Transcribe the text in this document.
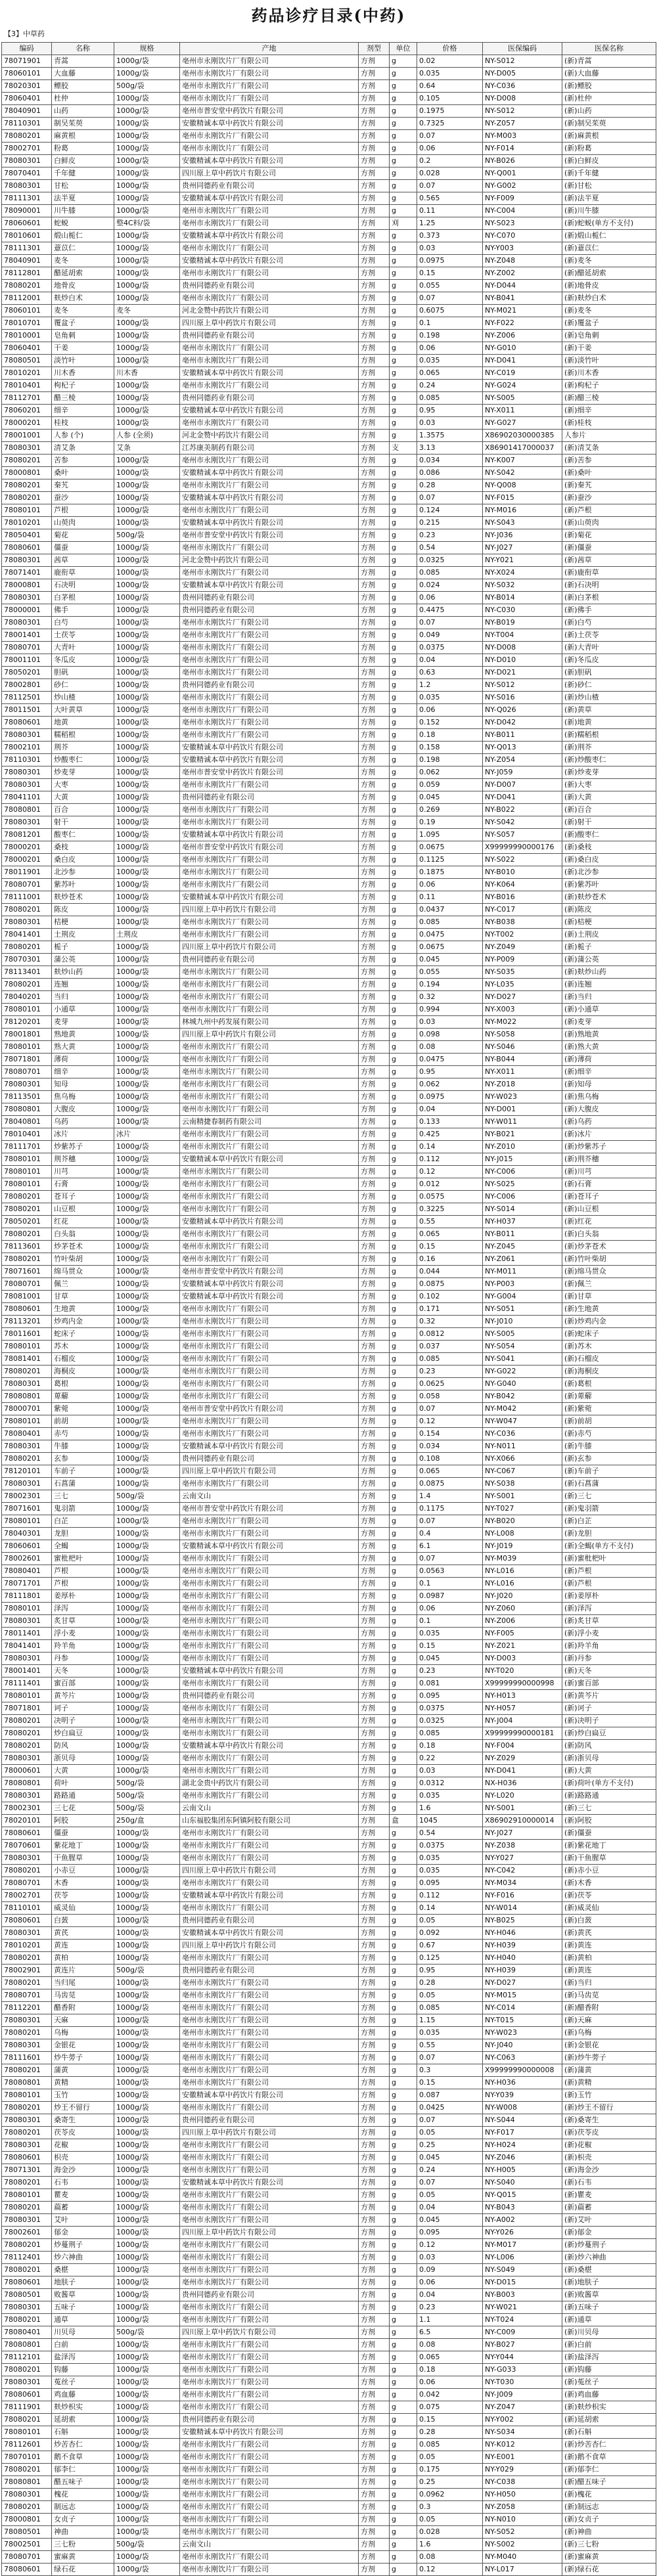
药品诊疗目录(中药)
【3】中草药
编码	名称	规格	产地	剂型	单位	价格	医保编码	医保名称
78071901	青蒿	1000g/袋	亳州市永刚饮片厂有限公司	方剂	g	0.02	NY-S012	(新)青蒿
78060101	大血藤	1000g/袋	亳州市永刚饮片厂有限公司	方剂	g	0.035	NY-D005	(新)大血藤
78020301	鳔胶	500g/袋	亳州市永刚饮片厂有限公司	方剂	g	0.64	NY-C036	(新)鳔胶
78060401	杜仲	1000g/袋	亳州市永刚饮片厂有限公司	方剂	g	0.105	NY-D008	(新)杜仲
78040901	山药	1000g/袋	亳州市普安堂中药饮片有限公司	方剂	g	0.1975	NY-S012	(新)山药
78110301	制吴茱萸	1000g/袋	安徽精诚本草中药饮片有限公司	方剂	g	0.7325	NY-Z057	(新)制吴茱萸
78080201	麻黄根	1000g/袋	亳州市永刚饮片厂有限公司	方剂	g	0.07	NY-M003	(新)麻黄根
78002701	粉葛	1000g/袋	亳州市永刚饮片厂有限公司	方剂	g	0.06	NY-F014	(新)粉葛
78080301	白鲜皮	1000g/袋	安徽精诚本草中药饮片有限公司	方剂	g	0.2	NY-B026	(新)白鲜皮
78070401	千年健	1000g/袋	四川原上草中药饮片有限公司	方剂	g	0.028	NY-Q001	(新)千年健
78080301	甘松	1000g/袋	贵州同德药业有限公司	方剂	g	0.07	NY-G002	(新)甘松
78111301	法半夏	1000g/袋	安徽精诚本草中药饮片有限公司	方剂	g	0.565	NY-F009	(新)法半夏
78090001	川牛膝	1000g/袋	亳州市永刚饮片厂有限公司	方剂	g	0.11	NY-C004	(新)川牛膝
78060601	蛇蜕	整4C料/袋	亳州市永刚饮片厂有限公司	方剂	刈	1.25	NY-S023	(新)蛇蜕(单方不支付)
78010601	煅山栀仁	1000g/袋	安徽精诚本草中药饮片有限公司	方剂	g	0.373	NY-C070	(新)煅山栀仁
78111301	薏苡仁	1000g/袋	亳州市永刚饮片厂有限公司	方剂	g	0.03	NY-Y003	(新)薏苡仁
78040901	麦冬	1000g/袋	安徽精诚本草中药饮片有限公司	方剂	g	0.0975	NY-Z048	(新)麦冬
78112801	醋延胡索	1000g/袋	亳州市永刚饮片厂有限公司	方剂	g	0.15	NY-Z002	(新)醋延胡索
78080201	地骨皮	1000g/袋	贵州同德药业有限公司	方剂	g	0.055	NY-D044	(新)地骨皮
78112001	麸炒白术	1000g/袋	亳州市永刚饮片厂有限公司	方剂	g	0.07	NY-B041	(新)麸炒白术
78060101	麦冬	麦冬	河北金赞中药饮片有限公司	方剂	g	0.6075	NY-M021	(新)麦冬
78010701	覆盆子	1000g/袋	四川原上草中药饮片有限公司	方剂	g	0.1	NY-F022	(新)覆盆子
78010001	皂角刺	1000g/袋	贵州同德药业有限公司	方剂	g	0.198	NY-Z006	(新)皂角刺
78060401	干姜	1000g/袋	亳州市永刚饮片厂有限公司	方剂	g	0.06	NY-G010	(新)干姜
78080501	淡竹叶	1000g/袋	亳州市永刚饮片厂有限公司	方剂	g	0.035	NY-D041	(新)淡竹叶
78010201	川木香	川木香	安徽精诚本草中药饮片有限公司	方剂	g	0.065	NY-C019	(新)川木香
78010401	枸杞子	1000g/袋	亳州市永刚饮片厂有限公司	方剂	g	0.24	NY-G024	(新)枸杞子
78112701	醋三棱	1000g/袋	贵州同德药业有限公司	方剂	g	0.085	NY-S005	(新)醋三棱
78060201	细辛	1000g/袋	安徽精诚本草中药饮片有限公司	方剂	g	0.95	NY-X011	(新)细辛
78000201	桂枝	1000g/袋	亳州市永刚饮片厂有限公司	方剂	g	0.03	NY-G027	(新)桂枝
78001001	人参 (个)	人参 (全须)	河北金赞中药饮片有限公司	方剂	g	1.3575	X86902030000385	人参片
78080301	清艾条	艾条	江苏康美制药有限公司	方剂	支	3.13	X86901417000037	(新)清艾条
78080201	苦参	1000g/袋	亳州市永刚饮片厂有限公司	方剂	g	0.034	NY-K007	(新)苦参
78000801	桑叶	1000g/袋	安徽精诚本草中药饮片有限公司	方剂	g	0.086	NY-S042	(新)桑叶
78080201	秦艽	1000g/袋	亳州市永刚饮片厂有限公司	方剂	g	0.28	NY-Q008	(新)秦艽
78080201	蚕沙	1000g/袋	安徽精诚本草中药饮片有限公司	方剂	g	0.07	NY-F015	(新)蚕沙
78080101	芦根	1000g/袋	亳州市永刚饮片厂有限公司	方剂	g	0.124	NY-M016	(新)芦根
78010201	山萸肉	1000g/袋	安徽精诚本草中药饮片有限公司	方剂	g	0.215	NY-S043	(新)山萸肉
78050401	菊花	500g/袋	亳州市普安堂中药饮片有限公司	方剂	g	0.23	NY-J036	(新)菊花
78080601	僵蚕	1000g/袋	亳州市永刚饮片厂有限公司	方剂	g	0.54	NY-J027	(新)僵蚕
78080301	茜草	1000g/袋	河北金赞中药饮片有限公司	方剂	g	0.0325	NY-Y021	(新)茜草
78071401	鹿衔草	1000g/袋	亳州市永刚饮片厂有限公司	方剂	g	0.085	NY-X024	(新)鹿衔草
78000801	石决明	1000g/袋	安徽精诚本草中药饮片有限公司	方剂	g	0.024	NY-S032	(新)石决明
78080301	白茅根	1000g/袋	贵州同德药业有限公司	方剂	g	0.06	NY-B014	(新)白茅根
78000001	佛手	1000g/袋	贵州同德药业有限公司	方剂	g	0.4475	NY-C030	(新)佛手
78080301	白芍	1000g/袋	亳州市永刚饮片厂有限公司	方剂	g	0.07	NY-B019	(新)白芍
78001401	土茯苓	1000g/袋	亳州市永刚饮片厂有限公司	方剂	g	0.049	NY-T004	(新)土茯苓
78080701	大青叶	1000g/袋	亳州市永刚饮片厂有限公司	方剂	g	0.0375	NY-D008	(新)大青叶
78001101	冬瓜皮	1000g/袋	亳州市永刚饮片厂有限公司	方剂	g	0.04	NY-D010	(新)冬瓜皮
78050201	胆矾	1000g/袋	亳州市永刚饮片厂有限公司	方剂	g	0.63	NY-D021	(新)胆矾
78002801	砂仁	1000g/袋	贵州同德药业有限公司	方剂	g	1.2	NY-S012	(新)砂仁
78112501	炒山楂	1000g/袋	亳州市永刚饮片厂有限公司	方剂	g	0.035	NY-S016	(新)炒山楂
78011501	大叶黄草	1000g/袋	亳州市永刚饮片厂有限公司	方剂	g	0.06	NY-Q026	(新)黄草
78080601	地黄	1000g/袋	亳州市永刚饮片厂有限公司	方剂	g	0.152	NY-D042	(新)地黄
78080301	糯稻根	1000g/袋	亳州市永刚饮片厂有限公司	方剂	g	0.18	NY-B011	(新)糯稻根
78002101	荆芥	1000g/袋	安徽精诚本草中药饮片有限公司	方剂	g	0.158	NY-Q013	(新)荆芥
78110301	炒酸枣仁	1000g/袋	安徽精诚本草中药饮片有限公司	方剂	g	0.198	NY-Z054	(新)炒酸枣仁
78080301	炒麦芽	1000g/袋	亳州市普安堂中药饮片有限公司	方剂	g	0.062	NY-J059	(新)炒麦芽
78080301	大枣	1000g/袋	亳州市永刚饮片厂有限公司	方剂	g	0.059	NY-D007	(新)大枣
78041101	大黄	1000g/袋	贵州同德药业有限公司	方剂	g	0.045	NY-D041	(新)大黄
78080801	百合	1000g/袋	亳州市永刚饮片厂有限公司	方剂	g	0.269	NY-B022	(新)百合
78080301	射干	1000g/袋	亳州市永刚饮片厂有限公司	方剂	g	0.19	NY-S042	(新)射干
78081201	酸枣仁	1000g/袋	安徽精诚本草中药饮片有限公司	方剂	g	1.095	NY-S057	(新)酸枣仁
78000201	桑枝	1000g/袋	亳州市普安堂中药饮片有限公司	方剂	g	0.0675	X99999990000176	(新)桑枝
78000201	桑白皮	1000g/袋	亳州市永刚饮片厂有限公司	方剂	g	0.1125	NY-S022	(新)桑白皮
78011901	北沙参	1000g/袋	亳州市永刚饮片厂有限公司	方剂	g	0.1875	NY-B010	(新)北沙参
78080701	紫苏叶	1000g/袋	亳州市永刚饮片厂有限公司	方剂	g	0.06	NY-K064	(新)紫苏叶
78111001	麸炒苍术	1000g/袋	安徽精诚本草中药饮片有限公司	方剂	g	0.11	NY-B016	(新)麸炒苍术
78080201	陈皮	1000g/袋	四川原上草中药饮片有限公司	方剂	g	0.0437	NY-C017	(新)陈皮
78080301	桔梗	1000g/袋	亳州市永刚饮片厂有限公司	方剂	g	0.085	NY-B038	(新)桔梗
78041401	土荆皮	土荆皮	亳州市永刚饮片厂有限公司	方剂	g	0.0475	NY-T002	(新)土荆皮
78080201	栀子	1000g/袋	四川原上草中药饮片有限公司	方剂	g	0.0675	NY-Z049	(新)栀子
78070301	蒲公英	1000g/袋	贵州同德药业有限公司	方剂	g	0.045	NY-P009	(新)蒲公英
78113401	麸炒山药	1000g/袋	亳州市永刚饮片厂有限公司	方剂	g	0.055	NY-S035	(新)麸炒山药
78080201	连翘	1000g/袋	亳州市永刚饮片厂有限公司	方剂	g	0.194	NY-L035	(新)连翘
78040201	当归	1000g/袋	亳州市永刚饮片厂有限公司	方剂	g	0.32	NY-D027	(新)当归
78080101	小通草	1000g/袋	亳州市永刚饮片厂有限公司	方剂	g	0.994	NY-X003	(新)小通草
78120201	麦芽	1000g/袋	林城九州中药发展有限公司	方剂	g	0.03	NY-M022	(新)麦芽
78001801	熟地黄	1000g/袋	四川原上草中药饮片有限公司	方剂	g	0.098	NY-S058	(新)熟地黄
78080101	熟大黄	1000g/袋	亳州市永刚饮片厂有限公司	方剂	g	0.08	NY-S046	(新)熟大黄
78071801	薄荷	1000g/袋	亳州市永刚饮片厂有限公司	方剂	g	0.0475	NY-B044	(新)薄荷
78080701	细辛	1000g/袋	亳州市永刚饮片厂有限公司	方剂	g	0.95	NY-X011	(新)细辛
78080301	知母	1000g/袋	亳州市永刚饮片厂有限公司	方剂	g	0.062	NY-Z018	(新)知母
78113501	焦乌梅	1000g/袋	亳州市永刚饮片厂有限公司	方剂	g	0.0975	NY-W023	(新)焦乌梅
78080801	大腹皮	1000g/袋	亳州市永刚饮片厂有限公司	方剂	g	0.04	NY-D001	(新)大腹皮
78040801	乌药	1000g/袋	云南精捷春制药有限公司	方剂	g	0.133	NY-W011	(新)乌药
78010401	冰片	冰片	亳州市永刚饮片厂有限公司	方剂	g	0.425	NY-B021	(新)冰片
78111701	炒紫苏子	1000g/袋	亳州市永刚饮片厂有限公司	方剂	g	0.14	NY-Z010	(新)炒紫苏子
78080101	荆芥穗	1000g/袋	安徽精诚本草中药饮片有限公司	方剂	g	0.112	NY-J015	(新)荆芥穗
78080101	川芎	1000g/袋	亳州市永刚饮片厂有限公司	方剂	g	0.12	NY-C006	(新)川芎
78080101	石膏	1000g/袋	亳州市永刚饮片厂有限公司	方剂	g	0.012	NY-S025	(新)石膏
78080201	苍耳子	1000g/袋	亳州市永刚饮片厂有限公司	方剂	g	0.0575	NY-C006	(新)苍耳子
78080201	山豆根	1000g/袋	亳州市永刚饮片厂有限公司	方剂	g	0.3225	NY-S014	(新)山豆根
78050201	红花	1000g/袋	安徽精诚本草中药饮片有限公司	方剂	g	0.55	NY-H037	(新)红花
78080201	白头翁	1000g/袋	亳州市永刚饮片厂有限公司	方剂	g	0.065	NY-B011	(新)白头翁
78113601	炒茅苍术	1000g/袋	亳州市永刚饮片厂有限公司	方剂	g	0.15	NY-Z045	(新)炒茅苍术
78080201	竹叶柴胡	1000g/袋	亳州市永刚饮片厂有限公司	方剂	g	0.16	NY-Z061	(新)竹叶柴胡
78071601	绵马贯众	1000g/袋	亳州市普安堂中药饮片有限公司	方剂	g	0.044	NY-M011	(新)绵马贯众
78080701	佩兰	1000g/袋	安徽精诚本草中药饮片有限公司	方剂	g	0.0875	NY-P003	(新)佩兰
78081001	甘草	1000g/袋	安徽精诚本草中药饮片有限公司	方剂	g	0.102	NY-G004	(新)甘草
78080601	生地黄	1000g/袋	亳州市永刚饮片厂有限公司	方剂	g	0.171	NY-S051	(新)生地黄
78113201	炒鸡内金	1000g/袋	亳州市永刚饮片厂有限公司	方剂	g	0.32	NY-J010	(新)炒鸡内金
78011601	蛇床子	1000g/袋	亳州市永刚饮片厂有限公司	方剂	g	0.0812	NY-S005	(新)蛇床子
78080101	苏木	1000g/袋	亳州市永刚饮片厂有限公司	方剂	g	0.037	NY-S054	(新)苏木
78081401	石榴皮	1000g/袋	亳州市永刚饮片厂有限公司	方剂	g	0.085	NY-S041	(新)石榴皮
78080201	海桐皮	1000g/袋	亳州市永刚饮片厂有限公司	方剂	g	0.23	NY-G022	(新)海桐皮
78080301	葛根	1000g/袋	亳州市永刚饮片厂有限公司	方剂	g	0.0625	NY-G040	(新)葛根
78080801	萆薢	1000g/袋	亳州市永刚饮片厂有限公司	方剂	g	0.058	NY-B042	(新)萆薢
78000701	紫菀	1000g/袋	亳州市普安堂中药饮片有限公司	方剂	g	0.07	NY-M042	(新)紫菀
78080101	前胡	1000g/袋	亳州市永刚饮片厂有限公司	方剂	g	0.12	NY-W047	(新)前胡
78080401	赤芍	1000g/袋	亳州市永刚饮片厂有限公司	方剂	g	0.154	NY-C036	(新)赤芍
78080301	牛膝	1000g/袋	安徽精诚本草中药饮片有限公司	方剂	g	0.034	NY-N011	(新)牛膝
78080201	玄参	1000g/袋	贵州同德药业有限公司	方剂	g	0.108	NY-X066	(新)玄参
78120101	车前子	1000g/袋	四川原上草中药饮片有限公司	方剂	g	0.065	NY-C067	(新)车前子
78080301	石菖蒲	1000g/袋	亳州市永刚饮片厂有限公司	方剂	g	0.0875	NY-S038	(新)石菖蒲
78002301	三七	500g/袋	云南文山	方剂	g	1.4	NY-S001	(新)三七
78071601	鬼羽箭	1000g/袋	亳州市普安堂中药饮片有限公司	方剂	g	0.1175	NY-T027	(新)鬼羽箭
78080101	白芷	1000g/袋	亳州市永刚饮片厂有限公司	方剂	g	0.07	NY-B020	(新)白芷
78040301	龙胆	1000g/袋	亳州市永刚饮片厂有限公司	方剂	g	0.4	NY-L008	(新)龙胆
78060601	全蝎	1000g/袋	安徽精诚本草中药饮片有限公司	方剂	g	6.1	NY-J019	(新)全蝎(单方不支付)
78002601	蜜枇杷叶	1000g/袋	亳州市永刚饮片厂有限公司	方剂	g	0.07	NY-M039	(新)蜜枇杷叶
78080401	芦根	1000g/袋	亳州市永刚饮片厂有限公司	方剂	g	0.0563	NY-L016	(新)芦根
78071701	芦根	1000g/袋	亳州市永刚饮片厂有限公司	方剂	g	0.1	NY-L016	(新)芦根
78111801	姜厚朴	1000g/袋	亳州市永刚饮片厂有限公司	方剂	g	0.0987	NY-J020	(新)姜厚朴
78080101	泽泻	1000g/袋	亳州市永刚饮片厂有限公司	方剂	g	0.06	NY-Z060	(新)泽泻
78080301	炙甘草	1000g/袋	亳州市永刚饮片厂有限公司	方剂	g	0.1	NY-Z006	(新)炙甘草
78011401	浮小麦	1000g/袋	亳州市永刚饮片厂有限公司	方剂	g	0.035	NY-F005	(新)浮小麦
78041401	羚羊角	1000g/袋	亳州市永刚饮片厂有限公司	方剂	g	0.15	NY-Z021	(新)羚羊角
78080301	丹参	1000g/袋	亳州市永刚饮片厂有限公司	方剂	g	0.045	NY-D003	(新)丹参
78001401	天冬	1000g/袋	安徽精诚本草中药饮片有限公司	方剂	g	0.23	NY-T020	(新)天冬
78111401	蜜百部	1000g/袋	亳州市永刚饮片厂有限公司	方剂	g	0.081	X99999990000998	(新)蜜百部
78080101	黄芩片	1000g/袋	贵州同德药业有限公司	方剂	g	0.095	NY-H013	(新)黄芩片
78071801	诃子	1000g/袋	亳州市永刚饮片厂有限公司	方剂	g	0.0375	NY-H057	(新)诃子
78080201	决明子	1000g/袋	亳州市永刚饮片厂有限公司	方剂	g	0.0325	NY-J004	(新)决明子
78080201	炒白扁豆	1000g/袋	亳州市永刚饮片厂有限公司	方剂	g	0.085	X99999990000181	(新)炒白扁豆
78080201	防风	1000g/袋	安徽精诚本草中药饮片有限公司	方剂	g	0.18	NY-F004	(新)防风
78080301	浙贝母	1000g/袋	亳州市永刚饮片厂有限公司	方剂	g	0.22	NY-Z029	(新)浙贝母
78000601	大黄	1000g/袋	亳州市永刚饮片厂有限公司	方剂	g	0.03	NY-D041	(新)大黄
78080801	荷叶	500g/袋	湖北金贵中药饮片有限公司	方剂	g	0.0312	NX-H036	(新)荷叶(单方不支付)
78080301	路路通	500g/袋	亳州市永刚饮片厂有限公司	方剂	g	0.035	NY-L020	(新)路路通
78002301	三七花	500g/袋	云南文山	方剂	g	1.6	NY-S001	(新)三七
78020101	阿胶	250g/盒	山东福胶集团东阿镇阿胶有限公司	方剂	盒	1045	X86902910000014	(新)阿胶
78080601	僵蚕	1000g/袋	亳州市永刚饮片厂有限公司	方剂	g	0.54	NY-J027	(新)僵蚕
78070601	紫花地丁	1000g/袋	亳州市永刚饮片厂有限公司	方剂	g	0.0375	NY-Z038	(新)紫花地丁
78080301	干鱼腥草	1000g/袋	亳州市永刚饮片厂有限公司	方剂	g	0.035	NY-Y027	(新)干鱼腥草
78080201	小赤豆	1000g/袋	四川原上草中药饮片有限公司	方剂	g	0.035	NY-C042	(新)赤小豆
78080701	木香	1000g/袋	亳州市永刚饮片厂有限公司	方剂	g	0.095	NY-M034	(新)木香
78002701	茯苓	1000g/袋	安徽精诚本草中药饮片有限公司	方剂	g	0.112	NY-F016	(新)茯苓
78110101	威灵仙	1000g/袋	亳州市永刚饮片厂有限公司	方剂	g	0.14	NY-W014	(新)威灵仙
78080601	白蔹	1000g/袋	贵州同德药业有限公司	方剂	g	0.05	NY-B025	(新)白蔹
78080301	黄芪	1000g/袋	安徽精诚本草中药饮片有限公司	方剂	g	0.092	NY-H046	(新)黄芪
78010201	黄连	1000g/袋	四川原上草中药饮片有限公司	方剂	g	0.67	NY-H039	(新)黄连
78080201	黄柏	1000g/袋	亳州市永刚饮片厂有限公司	方剂	g	0.125	NY-H040	(新)黄柏
78002901	黄连片	500g/袋	贵州同德药业有限公司	方剂	g	0.95	NY-H039	(新)黄连
78080201	当归尾	1000g/袋	亳州市永刚饮片厂有限公司	方剂	g	0.28	NY-D027	(新)当归
78080701	马齿苋	1000g/袋	亳州市永刚饮片厂有限公司	方剂	g	0.05	NY-M015	(新)马齿苋
78112201	醋香附	1000g/袋	亳州市永刚饮片厂有限公司	方剂	g	0.085	NY-C014	(新)醋香附
78080301	天麻	1000g/袋	亳州市永刚饮片厂有限公司	方剂	g	1.15	NY-T015	(新)天麻
78080201	乌梅	1000g/袋	亳州市永刚饮片厂有限公司	方剂	g	0.035	NY-W023	(新)乌梅
78080301	金银花	1000g/袋	亳州市永刚饮片厂有限公司	方剂	g	0.55	NY-J040	(新)金银花
78111601	炒牛蒡子	1000g/袋	亳州市永刚饮片厂有限公司	方剂	g	0.07	NY-C063	(新)炒牛蒡子
78080201	蒲黄	1000g/袋	亳州市永刚饮片厂有限公司	方剂	g	0.3	X99999990000008	(新)蒲黄
78080801	黄精	1000g/袋	亳州市永刚饮片厂有限公司	方剂	g	0.15	NY-H036	(新)黄精
78080101	玉竹	1000g/袋	安徽精诚本草中药饮片有限公司	方剂	g	0.087	NY-Y039	(新)玉竹
78080201	炒王不留行	1000g/袋	亳州市永刚饮片厂有限公司	方剂	g	0.0425	NY-W008	(新)炒王不留行
78080301	桑寄生	1000g/袋	贵州同德药业有限公司	方剂	g	0.07	NY-S044	(新)桑寄生
78080201	茯苓皮	1000g/袋	四川原上草中药饮片有限公司	方剂	g	0.05	NY-F017	(新)茯苓皮
78080301	花椒	1000g/袋	亳州市永刚饮片厂有限公司	方剂	g	0.25	NY-H024	(新)花椒
78080601	枳壳	1000g/袋	亳州市永刚饮片厂有限公司	方剂	g	0.045	NY-Z046	(新)枳壳
78071301	海金沙	1000g/袋	亳州市永刚饮片厂有限公司	方剂	g	0.24	NY-H005	(新)海金沙
78080201	石韦	1000g/袋	安徽精诚本草中药饮片有限公司	方剂	g	0.07	NY-S040	(新)石韦
78080101	瞿麦	1000g/袋	亳州市永刚饮片厂有限公司	方剂	g	0.05	NY-Q015	(新)瞿麦
78080201	萹蓄	1000g/袋	亳州市永刚饮片厂有限公司	方剂	g	0.04	NY-B043	(新)萹蓄
78080301	艾叶	1000g/袋	亳州市永刚饮片厂有限公司	方剂	g	0.045	NY-A002	(新)艾叶
78002601	郁金	1000g/袋	四川原上草中药饮片有限公司	方剂	g	0.095	NY-Y026	(新)郁金
78080201	炒蔓荆子	1000g/袋	亳州市永刚饮片厂有限公司	方剂	g	0.12	NY-M017	(新)炒蔓荆子
78112401	炒六神曲	1000g/袋	亳州市永刚饮片厂有限公司	方剂	g	0.03	NY-L006	(新)炒六神曲
78080201	桑椹	1000g/袋	亳州市永刚饮片厂有限公司	方剂	g	0.09	NY-S049	(新)桑椹
78080601	地肤子	1000g/袋	亳州市永刚饮片厂有限公司	方剂	g	0.06	NY-D015	(新)地肤子
78080501	败酱草	1000g/袋	贵州同德药业有限公司	方剂	g	0.04	NY-B003	(新)败酱草
78080301	五味子	1000g/袋	亳州市永刚饮片厂有限公司	方剂	g	0.23	NY-W021	(新)五味子
78080201	通草	1000g/袋	亳州市永刚饮片厂有限公司	方剂	g	1.1	NY-T024	(新)通草
78080401	川贝母	500g/袋	四川原上草中药饮片有限公司	方剂	g	6.5	NY-C009	(新)川贝母
78080801	白前	1000g/袋	亳州市永刚饮片厂有限公司	方剂	g	0.08	NY-B027	(新)白前
78112101	盐泽泻	1000g/袋	亳州市永刚饮片厂有限公司	方剂	g	0.065	NY-Y044	(新)盐泽泻
78080201	钩藤	1000g/袋	亳州市永刚饮片厂有限公司	方剂	g	0.18	NY-G033	(新)钩藤
78080301	菟丝子	1000g/袋	亳州市永刚饮片厂有限公司	方剂	g	0.06	NY-T030	(新)菟丝子
78080601	鸡血藤	1000g/袋	亳州市永刚饮片厂有限公司	方剂	g	0.042	NY-J009	(新)鸡血藤
78111901	麸炒枳实	1000g/袋	亳州市永刚饮片厂有限公司	方剂	g	0.075	NY-Z047	(新)麸炒枳实
78080201	延胡索	1000g/袋	贵州同德药业有限公司	方剂	g	0.15	NY-Y002	(新)延胡索
78080101	石斛	1000g/袋	安徽精诚本草中药饮片有限公司	方剂	g	0.28	NY-S034	(新)石斛
78112601	炒苦杏仁	1000g/袋	亳州市永刚饮片厂有限公司	方剂	g	0.085	NY-K012	(新)炒苦杏仁
78070101	鹅不食草	1000g/袋	亳州市永刚饮片厂有限公司	方剂	g	0.05	NY-E001	(新)鹅不食草
78080201	郁李仁	1000g/袋	亳州市永刚饮片厂有限公司	方剂	g	0.175	NY-Y029	(新)郁李仁
78080801	醋五味子	1000g/袋	亳州市永刚饮片厂有限公司	方剂	g	0.25	NY-C038	(新)醋五味子
78080301	槐花	1000g/袋	亳州市永刚饮片厂有限公司	方剂	g	0.0962	NY-H050	(新)槐花
78080201	制远志	1000g/袋	亳州市永刚饮片厂有限公司	方剂	g	0.3	NY-Z058	(新)制远志
78000801	女贞子	1000g/袋	亳州市永刚饮片厂有限公司	方剂	g	0.05	NY-N010	(新)女贞子
78080501	神曲	1000g/袋	亳州市永刚饮片厂有限公司	方剂	g	0.028	NY-S052	(新)神曲
78002501	三七粉	500g/袋	云南文山	方剂	g	1.6	NY-S002	(新)三七粉
78080701	蜜麻黄	1000g/袋	亳州市永刚饮片厂有限公司	方剂	g	0.08	NY-M040	(新)蜜麻黄
78080601	绿石花	1000g/袋	亳州市永刚饮片厂有限公司	方剂	g	0.12	NY-L017	(新)绿石花
